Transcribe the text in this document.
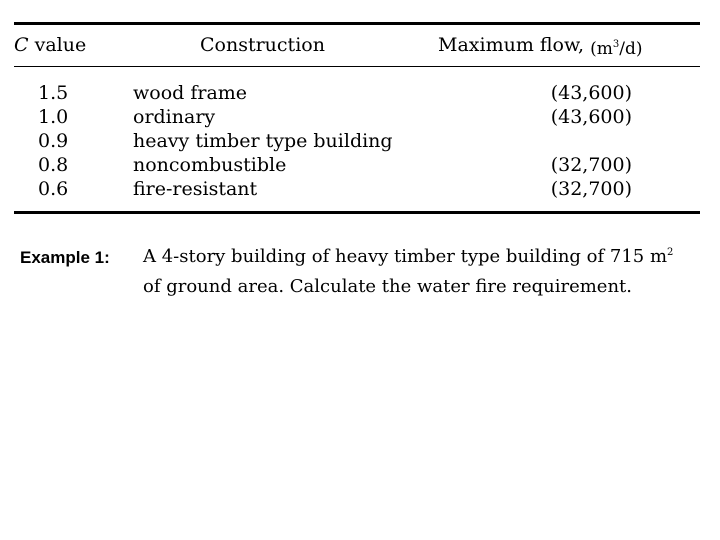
C value	Construction	Maximum flow, $(m^3/d)$
1.5	wood frame	(43,600)
1.0	ordinary	(43,600)
0.9	heavy timber type building
0.8	noncombustible	(32,700)
0.6	fire-resistant	(32,700)
Example 1: A 4-story building of heavy timber type building of 715 $m^2$
of ground area. Calculate the water fire requirement.
